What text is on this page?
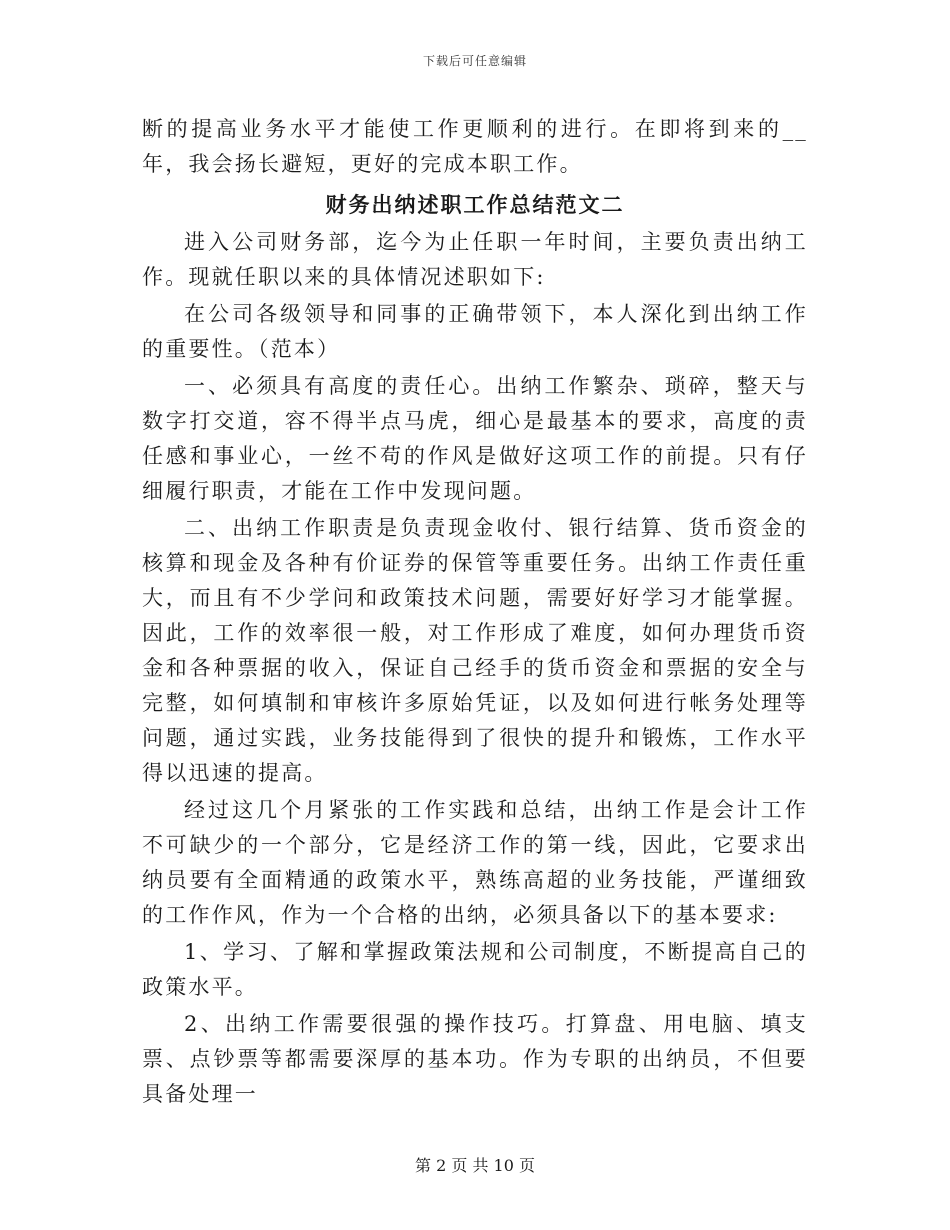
下载后可任意编辑

断的提高业务水平才能使工作更顺利的进行。在即将到来的__年，我会扬长避短，更好的完成本职工作。

财务出纳述职工作总结范文二

进入公司财务部，迄今为止任职一年时间，主要负责出纳工作。现就任职以来的具体情况述职如下:

在公司各级领导和同事的正确带领下，本人深化到出纳工作的重要性。（范本）

一、必须具有高度的责任心。出纳工作繁杂、琐碎，整天与数字打交道，容不得半点马虎，细心是最基本的要求，高度的责任感和事业心，一丝不苟的作风是做好这项工作的前提。只有仔细履行职责，才能在工作中发现问题。

二、出纳工作职责是负责现金收付、银行结算、货币资金的核算和现金及各种有价证券的保管等重要任务。出纳工作责任重大，而且有不少学问和政策技术问题，需要好好学习才能掌握。因此，工作的效率很一般，对工作形成了难度，如何办理货币资金和各种票据的收入，保证自己经手的货币资金和票据的安全与完整，如何填制和审核许多原始凭证，以及如何进行帐务处理等问题，通过实践，业务技能得到了很快的提升和锻炼，工作水平得以迅速的提高。

经过这几个月紧张的工作实践和总结，出纳工作是会计工作不可缺少的一个部分，它是经济工作的第一线，因此，它要求出纳员要有全面精通的政策水平，熟练高超的业务技能，严谨细致的工作作风，作为一个合格的出纳，必须具备以下的基本要求:

1、学习、了解和掌握政策法规和公司制度，不断提高自己的政策水平。

2、出纳工作需要很强的操作技巧。打算盘、用电脑、填支票、点钞票等都需要深厚的基本功。作为专职的出纳员，不但要具备处理一

第 2 页 共 10 页
